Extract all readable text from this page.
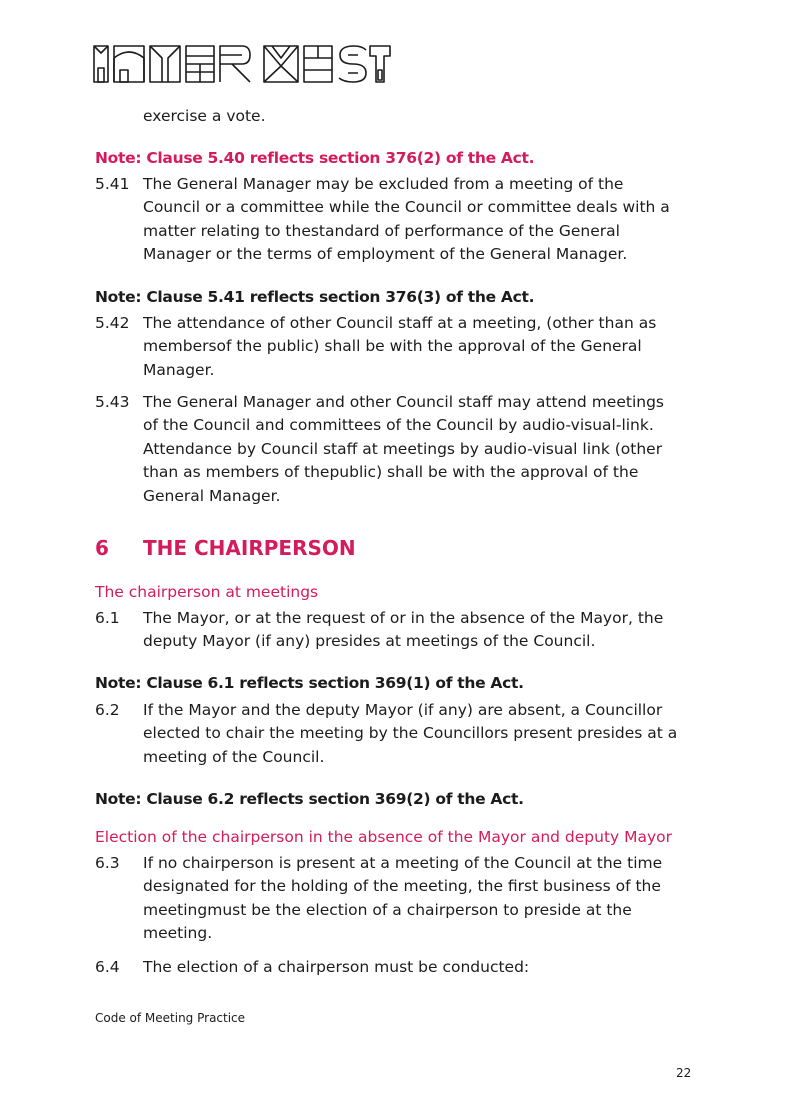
exercise a vote.

Note: Clause 5.40 reflects section 376(2) of the Act.

5.41 The General Manager may be excluded from a meeting of the
Council or a committee while the Council or committee deals with a
matter relating to thestandard of performance of the General
Manager or the terms of employment of the General Manager.

Note: Clause 5.41 reflects section 376(3) of the Act.

5.42 The attendance of other Council staff at a meeting, (other than as
membersof the public) shall be with the approval of the General
Manager.
5.43 The General Manager and other Council staff may attend meetings
of the Council and committees of the Council by audio-visual-link.
Attendance by Council staff at meetings by audio-visual link (other
than as members of thepublic) shall be with the approval of the
General Manager.
6 THE CHAIRPERSON

The chairperson at meetings

6.1 The Mayor, or at the request of or in the absence of the Mayor, the
deputy Mayor (if any) presides at meetings of the Council.

Note: Clause 6.1 reflects section 369(1) of the Act.

6.2 If the Mayor and the deputy Mayor (if any) are absent, a Councillor
elected to chair the meeting by the Councillors present presides at a
meeting of the Council.

Note: Clause 6.2 reflects section 369(2) of the Act.

Election of the chairperson in the absence of the Mayor and deputy Mayor

6.3 If no chairperson is present at a meeting of the Council at the time
designated for the holding of the meeting, the first business of the
meetingmust be the election of a chairperson to preside at the
meeting.
6.4 The election of a chairperson must be conducted:
Code of Meeting Practice
22
